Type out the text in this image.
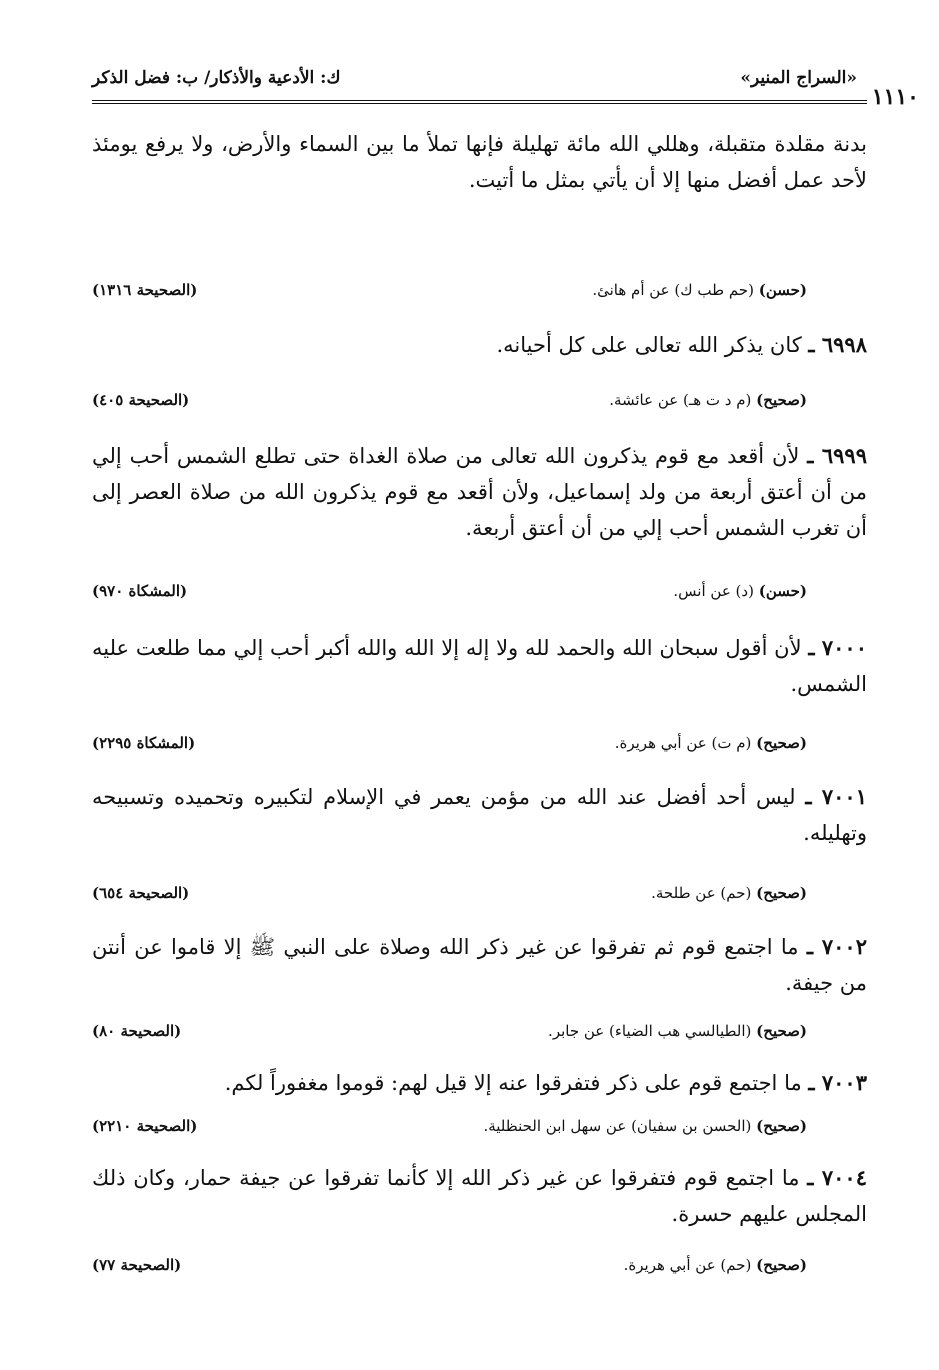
«السراج المنير»
ك: الأدعية والأذكار/ ب: فضل الذكر
١١١٠

بدنة مقلدة متقبلة، وهللي الله مائة تهليلة فإنها تملأ ما بين السماء والأرض، ولا يرفع يومئذ لأحد عمل أفضل منها إلا أن يأتي بمثل ما أتيت.

(حسن) (حم طب ك) عن أم هانئ.
(الصحيحة ١٣١٦)

٦٩٩٨ ـ كان يذكر الله تعالى على كل أحيانه.

(صحيح) (م د ت هـ) عن عائشة.
(الصحيحة ٤٠٥)

٦٩٩٩ ـ لأن أقعد مع قوم يذكرون الله تعالى من صلاة الغداة حتى تطلع الشمس أحب إلي من أن أعتق أربعة من ولد إسماعيل، ولأن أقعد مع قوم يذكرون الله من صلاة العصر إلى أن تغرب الشمس أحب إلي من أن أعتق أربعة.

(حسن) (د) عن أنس.
(المشكاة ٩٧٠)

٧٠٠٠ ـ لأن أقول سبحان الله والحمد لله ولا إله إلا الله والله أكبر أحب إلي مما طلعت عليه الشمس.

(صحيح) (م ت) عن أبي هريرة.
(المشكاة ٢٢٩٥)

٧٠٠١ ـ ليس أحد أفضل عند الله من مؤمن يعمر في الإسلام لتكبيره وتحميده وتسبيحه وتهليله.

(صحيح) (حم) عن طلحة.
(الصحيحة ٦٥٤)

٧٠٠٢ ـ ما اجتمع قوم ثم تفرقوا عن غير ذكر الله وصلاة على النبي ﷺ إلا قاموا عن أنتن من جيفة.

(صحيح) (الطيالسي هب الضياء) عن جابر.
(الصحيحة ٨٠)

٧٠٠٣ ـ ما اجتمع قوم على ذكر فتفرقوا عنه إلا قيل لهم: قوموا مغفوراً لكم.

(صحيح) (الحسن بن سفيان) عن سهل ابن الحنظلية.
(الصحيحة ٢٢١٠)

٧٠٠٤ ـ ما اجتمع قوم فتفرقوا عن غير ذكر الله إلا كأنما تفرقوا عن جيفة حمار، وكان ذلك المجلس عليهم حسرة.

(صحيح) (حم) عن أبي هريرة.
(الصحيحة ٧٧)
